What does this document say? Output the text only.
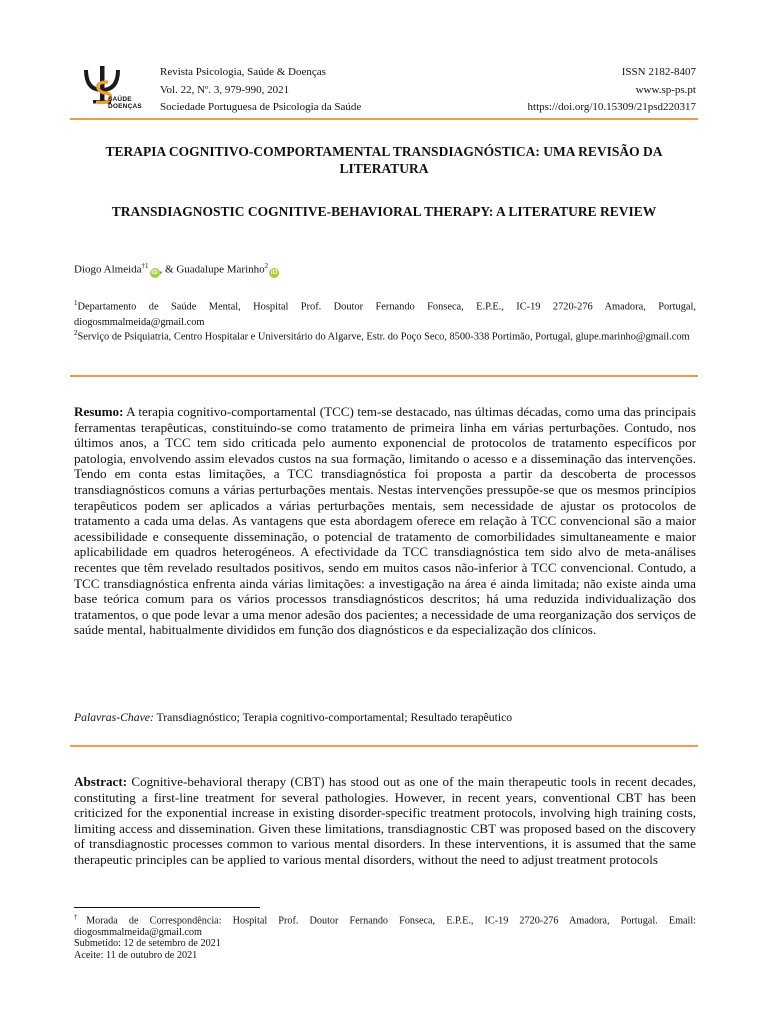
SAÚDE DOENÇAS
Revista Psicologia, Saúde & Doenças
Vol. 22, Nº. 3, 979-990, 2021
Sociedade Portuguesa de Psicologia da Saúde
ISSN 2182-8407
www.sp-ps.pt
https://doi.org/10.15309/21psd220317
TERAPIA COGNITIVO-COMPORTAMENTAL TRANSDIAGNÓSTICA: UMA REVISÃO DA LITERATURA
TRANSDIAGNOSTIC COGNITIVE-BEHAVIORAL THERAPY: A LITERATURE REVIEW
Diogo Almeida$^{\dagger 1}$iD , & Guadalupe Marinho$^2$iD
$^1$Departamento de Saúde Mental, Hospital Prof. Doutor Fernando Fonseca, E.P.E., IC-19 2720-276 Amadora, Portugal, diogosmmalmeida@gmail.com
$^2$Serviço de Psiquiatria, Centro Hospitalar e Universitário do Algarve, Estr. do Poço Seco, 8500-338 Portimão, Portugal, glupe.marinho@gmail.com

Resumo: A terapia cognitivo-comportamental (TCC) tem-se destacado, nas últimas décadas, como uma das principais ferramentas terapêuticas, constituindo-se como tratamento de primeira linha em várias perturbações. Contudo, nos últimos anos, a TCC tem sido criticada pelo aumento exponencial de protocolos de tratamento específicos por patologia, envolvendo assim elevados custos na sua formação, limitando o acesso e a disseminação das intervenções. Tendo em conta estas limitações, a TCC transdiagnóstica foi proposta a partir da descoberta de processos transdiagnósticos comuns a várias perturbações mentais. Nestas intervenções pressupõe-se que os mesmos princípios terapêuticos podem ser aplicados a várias perturbações mentais, sem necessidade de ajustar os protocolos de tratamento a cada uma delas. As vantagens que esta abordagem oferece em relação à TCC convencional são a maior acessibilidade e consequente disseminação, o potencial de tratamento de comorbilidades simultaneamente e maior aplicabilidade em quadros heterogéneos. A efectividade da TCC transdiagnóstica tem sido alvo de meta-análises recentes que têm revelado resultados positivos, sendo em muitos casos não-inferior à TCC convencional. Contudo, a TCC transdiagnóstica enfrenta ainda várias limitações: a investigação na área é ainda limitada; não existe ainda uma base teórica comum para os vários processos transdiagnósticos descritos; há uma reduzida individualização dos tratamentos, o que pode levar a uma menor adesão dos pacientes; a necessidade de uma reorganização dos serviços de saúde mental, habitualmente divididos em função dos diagnósticos e da especialização dos clínicos.

Palavras-Chave: Transdiagnóstico; Terapia cognitivo-comportamental; Resultado terapêutico

Abstract: Cognitive-behavioral therapy (CBT) has stood out as one of the main therapeutic tools in recent decades, constituting a first-line treatment for several pathologies. However, in recent years, conventional CBT has been criticized for the exponential increase in existing disorder-specific treatment protocols, involving high training costs, limiting access and dissemination. Given these limitations, transdiagnostic CBT was proposed based on the discovery of transdiagnostic processes common to various mental disorders. In these interventions, it is assumed that the same therapeutic principles can be applied to various mental disorders, without the need to adjust treatment protocols

†Morada de Correspondência: Hospital Prof. Doutor Fernando Fonseca, E.P.E., IC-19 2720-276 Amadora, Portugal. Email: diogosmmalmeida@gmail.com

Submetido: 12 de setembro de 2021

Aceite: 11 de outubro de 2021
